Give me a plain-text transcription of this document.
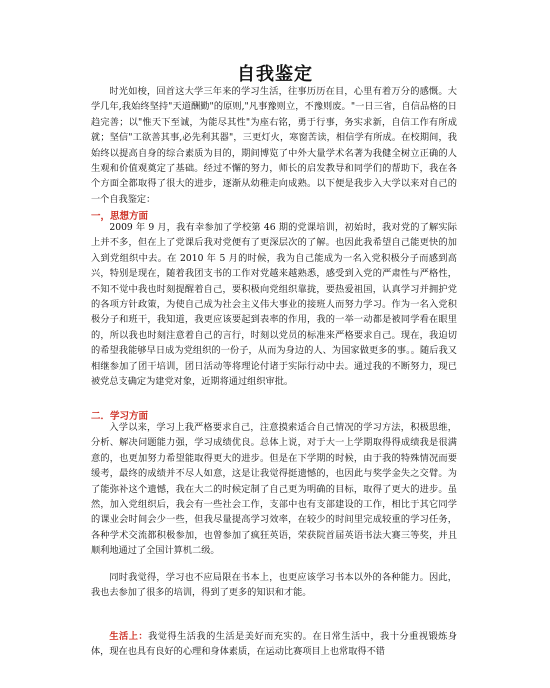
自我鉴定

时光如梭，回首这大学三年来的学习生活，往事历历在目，心里有着万分的感慨。大学几年,我始终坚持"天道酬勤"的原则,"凡事豫则立，不豫则废。"一日三省，自信品格的日趋完善；以"惟天下至诚，为能尽其性"为座右铭，勇于行事，务实求新，自信工作有所成就；坚信"工欲善其事,必先利其器"，三更灯火，寒窗苦读，相信学有所成。在校期间，我始终以提高自身的综合素质为目的，期间博览了中外大量学术名著为我健全树立正确的人生观和价值观奠定了基础。经过不懈的努力，师长的启发教导和同学们的帮助下，我在各个方面全都取得了很大的进步，逐渐从幼稚走向成熟。以下便是我步入大学以来对自己的一个自我鉴定：

一，思想方面

2009 年 9 月，我有幸参加了学校第 46 期的党课培训，初始时，我对党的了解实际上并不多，但在上了党课后我对党便有了更深层次的了解。也因此我希望自己能更快的加入到党组织中去。在 2010 年 5 月的时候，我为自己能成为一名入党积极分子而感到高兴，特别是现在，随着我团支书的工作对党越来越熟悉，感受到入党的严肃性与严格性，不知不觉中我也时刻提醒着自己，要积极向党组织靠拢，要热爱祖国，认真学习并拥护党的各项方针政策，为使自己成为社会主义伟大事业的接班人而努力学习。作为一名入党积极分子和班干，我知道，我更应该要起到表率的作用，我的一举一动都是被同学看在眼里的，所以我也时刻注意着自己的言行，时刻以党员的标准来严格要求自己。现在，我迫切的希望我能够早日成为党组织的一份子，从而为身边的人、为国家做更多的事。。随后我又相继参加了团干培训，团日活动等将理论付诸于实际行动中去。通过我的不断努力，现已被党总支确定为建党对象，近期将通过组织审批。

二．学习方面

入学以来，学习上我严格要求自己，注意摸索适合自己情况的学习方法，积极思维，分析、解决问题能力强，学习成绩优良。总体上说，对于大一上学期取得得成绩我是很满意的，也更加努力希望能取得更大的进步。但是在下学期的时候，由于我的特殊情况而要缓考，最终的成绩并不尽人如意，这是让我觉得挺遗憾的，也因此与奖学金失之交臂。为了能弥补这个遗憾，我在大二的时候定制了自己更为明确的目标，取得了更大的进步。虽然，加入党组织后，我会有一些社会工作，支部中也有支部建设的工作，相比于其它同学的课业会时间会少一些，但我尽量提高学习效率，在较少的时间里完成较重的学习任务，各种学术交流都积极参加，也曾参加了疯狂英语，荣获院首届英语书法大赛三等奖，并且顺利地通过了全国计算机二级。

同时我觉得，学习也不应局限在书本上，也更应该学习书本以外的各种能力。因此，我也去参加了很多的培训，得到了更多的知识和才能。

生活上：我觉得生活我的生活是美好而充实的。在日常生活中，我十分重视锻炼身体，现在也具有良好的心理和身体素质，在运动比赛项目上也常取得不错
